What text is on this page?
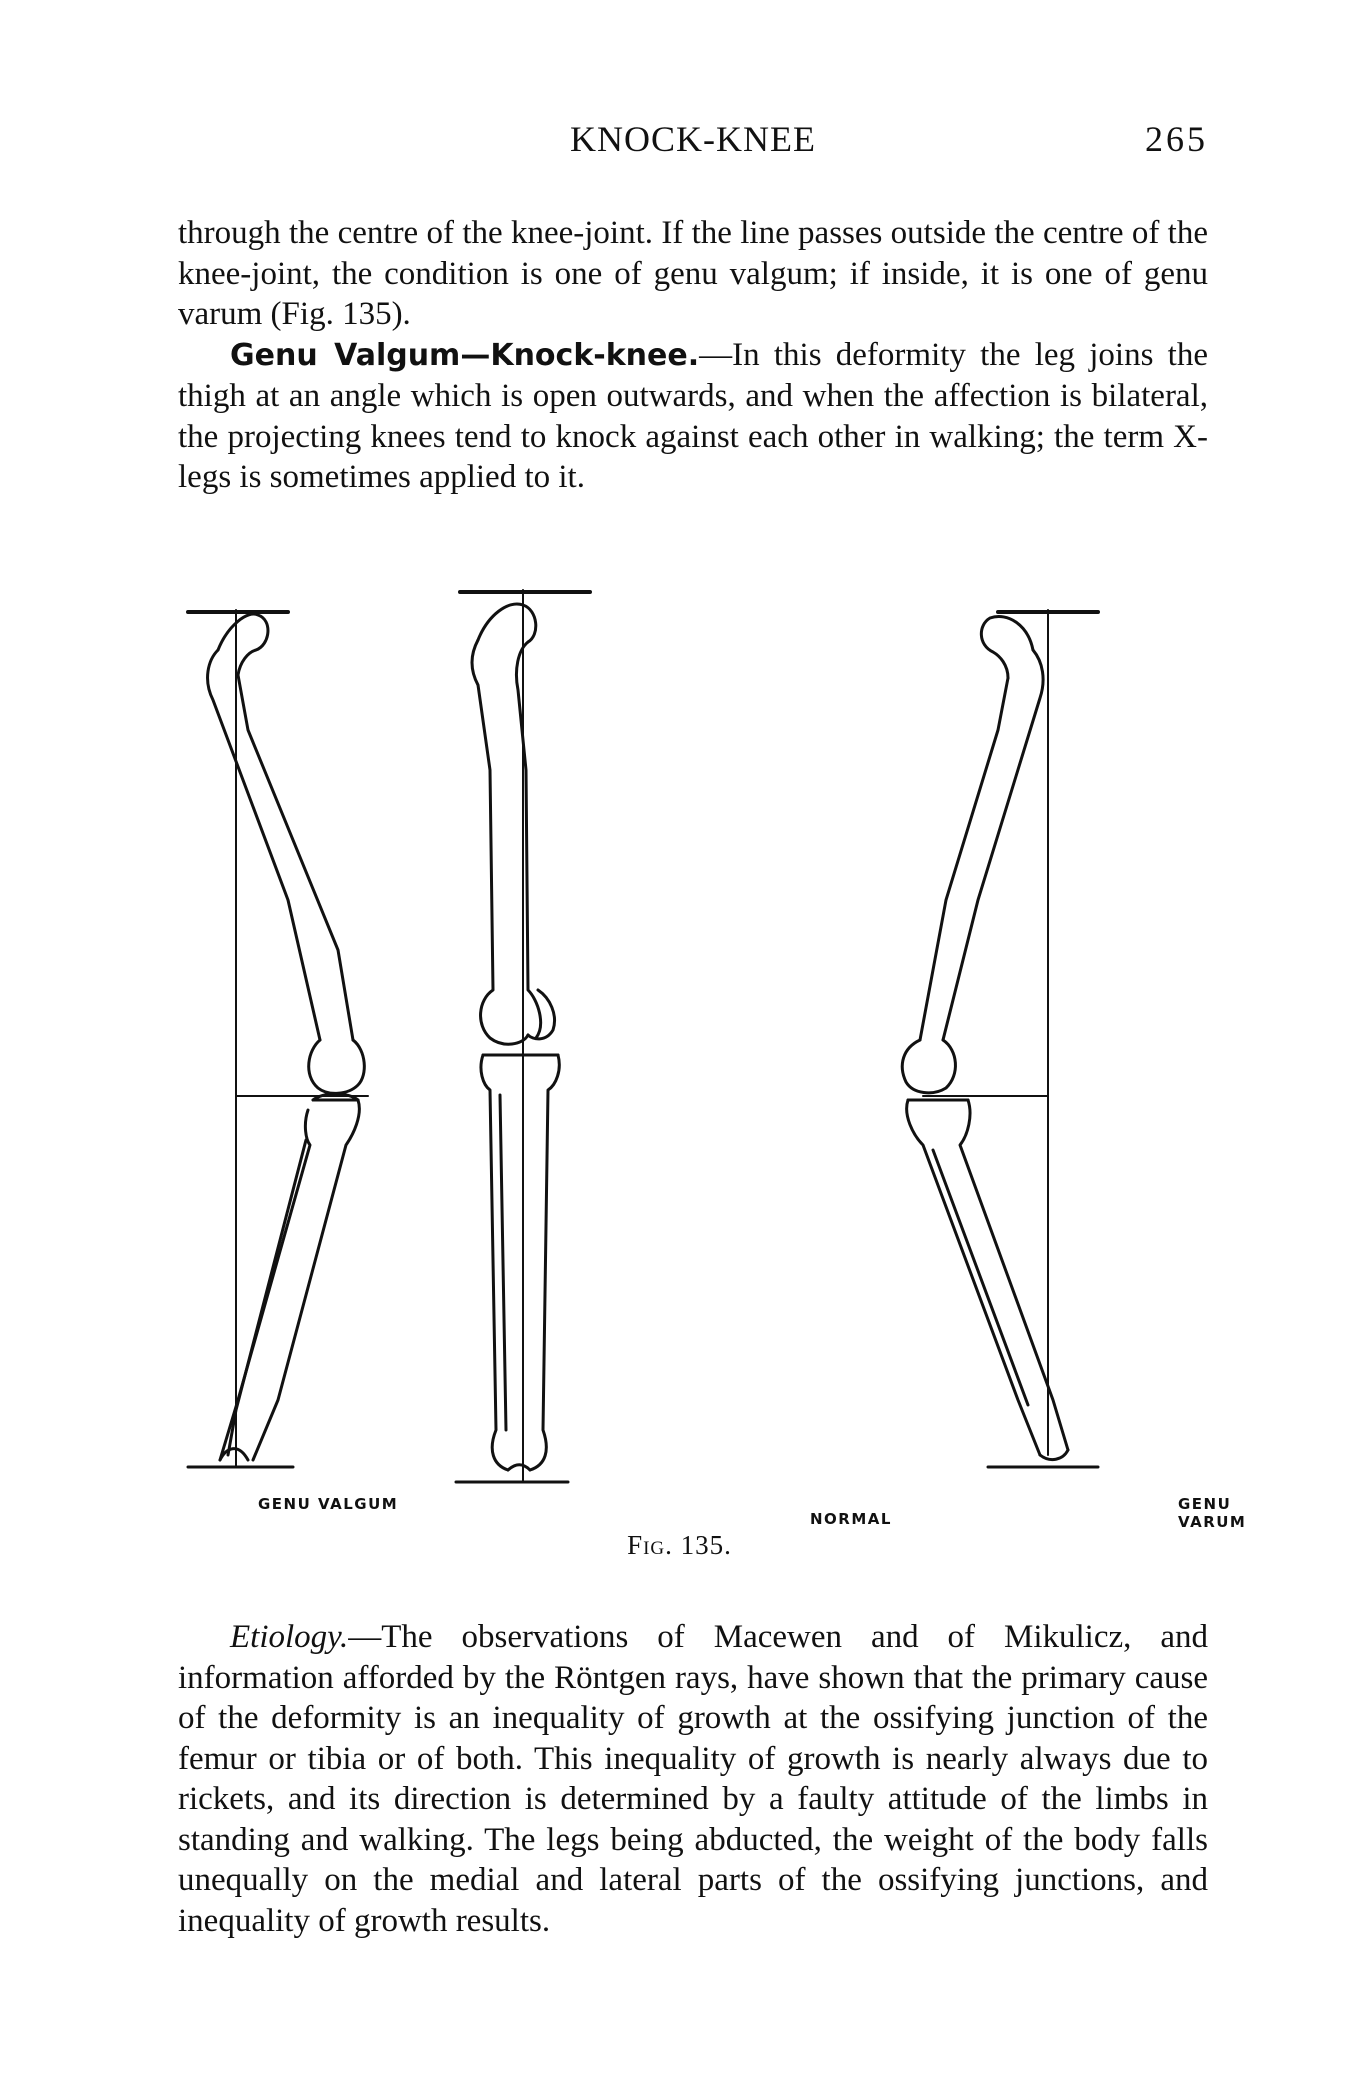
KNOCK-KNEE	265

through the centre of the knee-joint. If the line passes outside the centre of the knee-joint, the condition is one of genu valgum; if inside, it is one of genu varum (Fig. 135).

Genu Valgum—Knock-knee.—In this deformity the leg joins the thigh at an angle which is open outwards, and when the affection is bilateral, the projecting knees tend to knock against each other in walking; the term X-legs is sometimes applied to it.

GENU VALGUM
NORMAL
GENU VARUM
Fig. 135.

Etiology.—The observations of Macewen and of Mikulicz, and information afforded by the Röntgen rays, have shown that the primary cause of the deformity is an inequality of growth at the ossifying junction of the femur or tibia or of both. This inequality of growth is nearly always due to rickets, and its direction is determined by a faulty attitude of the limbs in standing and walking. The legs being abducted, the weight of the body falls unequally on the medial and lateral parts of the ossifying junctions, and inequality of growth results.
